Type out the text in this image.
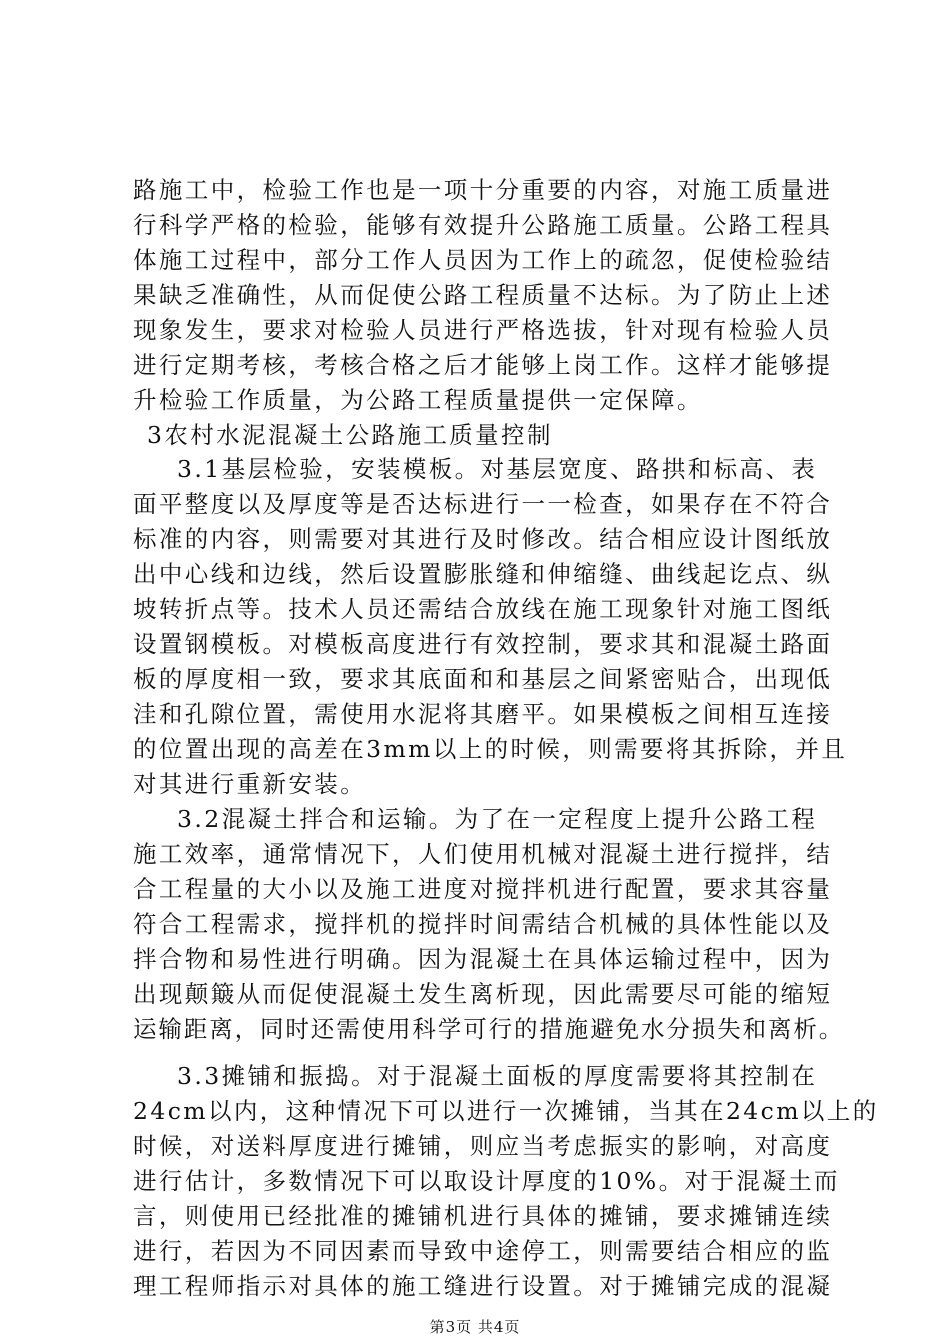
路施工中，检验工作也是一项十分重要的内容，对施工质量进
行科学严格的检验，能够有效提升公路施工质量。公路工程具
体施工过程中，部分工作人员因为工作上的疏忽，促使检验结
果缺乏准确性，从而促使公路工程质量不达标。为了防止上述
现象发生，要求对检验人员进行严格选拔，针对现有检验人员
进行定期考核，考核合格之后才能够上岗工作。这样才能够提
升检验工作质量，为公路工程质量提供一定保障。
3农村水泥混凝土公路施工质量控制
3.1基层检验，安装模板。对基层宽度、路拱和标高、表
面平整度以及厚度等是否达标进行一一检查，如果存在不符合
标准的内容，则需要对其进行及时修改。结合相应设计图纸放
出中心线和边线，然后设置膨胀缝和伸缩缝、曲线起讫点、纵
坡转折点等。技术人员还需结合放线在施工现象针对施工图纸
设置钢模板。对模板高度进行有效控制，要求其和混凝土路面
板的厚度相一致，要求其底面和和基层之间紧密贴合，出现低
洼和孔隙位置，需使用水泥将其磨平。如果模板之间相互连接
的位置出现的高差在3mm以上的时候，则需要将其拆除，并且
对其进行重新安装。
3.2混凝土拌合和运输。为了在一定程度上提升公路工程
施工效率，通常情况下，人们使用机械对混凝土进行搅拌，结
合工程量的大小以及施工进度对搅拌机进行配置，要求其容量
符合工程需求，搅拌机的搅拌时间需结合机械的具体性能以及
拌合物和易性进行明确。因为混凝土在具体运输过程中，因为
出现颠簸从而促使混凝土发生离析现，因此需要尽可能的缩短
运输距离，同时还需使用科学可行的措施避免水分损失和离析。
3.3摊铺和振捣。对于混凝土面板的厚度需要将其控制在
24cm以内，这种情况下可以进行一次摊铺，当其在24cm以上的
时候，对送料厚度进行摊铺，则应当考虑振实的影响，对高度
进行估计，多数情况下可以取设计厚度的10%。对于混凝土而
言，则使用已经批准的摊铺机进行具体的摊铺，要求摊铺连续
进行，若因为不同因素而导致中途停工，则需要结合相应的监
理工程师指示对具体的施工缝进行设置。对于摊铺完成的混凝
第3页 共4页
